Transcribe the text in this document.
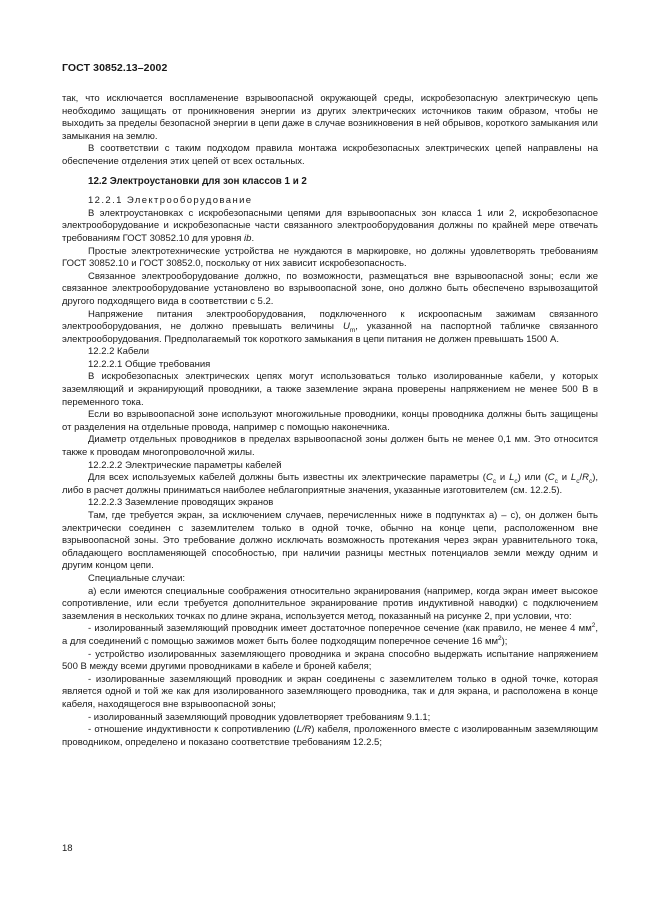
ГОСТ 30852.13–2002

так, что исключается воспламенение взрывоопасной окружающей среды, искробезопасную электрическую цепь необходимо защищать от проникновения энергии из других электрических источников таким образом, чтобы не выходить за пределы безопасной энергии в цепи даже в случае возникновения в ней обрывов, короткого замыкания или замыкания на землю.

В соответствии с таким подходом правила монтажа искробезопасных электрических цепей направлены на обеспечение отделения этих цепей от всех остальных.

12.2 Электроустановки для зон классов 1 и 2

12.2.1 Электрооборудование

В электроустановках с искробезопасными цепями для взрывоопасных зон класса 1 или 2, искробезопасное электрооборудование и искробезопасные части связанного электрооборудования должны по крайней мере отвечать требованиям ГОСТ 30852.10 для уровня ib.

Простые электротехнические устройства не нуждаются в маркировке, но должны удовлетворять требованиям ГОСТ 30852.10 и ГОСТ 30852.0, поскольку от них зависит искробезопасность.

Связанное электрооборудование должно, по возможности, размещаться вне взрывоопасной зоны; если же связанное электрооборудование установлено во взрывоопасной зоне, оно должно быть обеспечено взрывозащитой другого подходящего вида в соответствии с 5.2.

Напряжение питания электрооборудования, подключенного к искроопасным зажимам связанного электрооборудования, не должно превышать величины $U_m$, указанной на паспортной табличке связанного электрооборудования. Предполагаемый ток короткого замыкания в цепи питания не должен превышать 1500 А.

12.2.2 Кабели

12.2.2.1 Общие требования

В искробезопасных электрических цепях могут использоваться только изолированные кабели, у которых заземляющий и экранирующий проводники, а также заземление экрана проверены напряжением не менее 500 В в переменного тока.

Если во взрывоопасной зоне используют многожильные проводники, концы проводника должны быть защищены от разделения на отдельные провода, например с помощью наконечника.

Диаметр отдельных проводников в пределах взрывоопасной зоны должен быть не менее 0,1 мм. Это относится также к проводам многопроволочной жилы.

12.2.2.2 Электрические параметры кабелей

Для всех используемых кабелей должны быть известны их электрические параметры ($C_c$ и $L_c$) или ($C_c$ и $L_c/R_c$), либо в расчет должны приниматься наиболее неблагоприятные значения, указанные изготовителем (см. 12.2.5).

12.2.2.3 Заземление проводящих экранов

Там, где требуется экран, за исключением случаев, перечисленных ниже в подпунктах а) – с), он должен быть электрически соединен с заземлителем только в одной точке, обычно на конце цепи, расположенном вне взрывоопасной зоны. Это требование должно исключать возможность протекания через экран уравнительного тока, обладающего воспламеняющей способностью, при наличии разницы местных потенциалов земли между одним и другим концом цепи.

Специальные случаи:

а) если имеются специальные соображения относительно экранирования (например, когда экран имеет высокое сопротивление, или если требуется дополнительное экранирование против индуктивной наводки) с подключением заземления в нескольких точках по длине экрана, используется метод, показанный на рисунке 2, при условии, что:

- изолированный заземляющий проводник имеет достаточное поперечное сечение (как правило, не менее 4 $мм^2$, а для соединений с помощью зажимов может быть более подходящим поперечное сечение 16 $мм^2$);

- устройство изолированных заземляющего проводника и экрана способно выдержать испытание напряжением 500 В между всеми другими проводниками в кабеле и броней кабеля;

- изолированные заземляющий проводник и экран соединены с заземлителем только в одной точке, которая является одной и той же как для изолированного заземляющего проводника, так и для экрана, и расположена в конце кабеля, находящегося вне взрывоопасной зоны;

- изолированный заземляющий проводник удовлетворяет требованиям 9.1.1;

- отношение индуктивности к сопротивлению (L/R) кабеля, проложенного вместе с изолированным заземляющим проводником, определено и показано соответствие требованиям 12.2.5;

18
